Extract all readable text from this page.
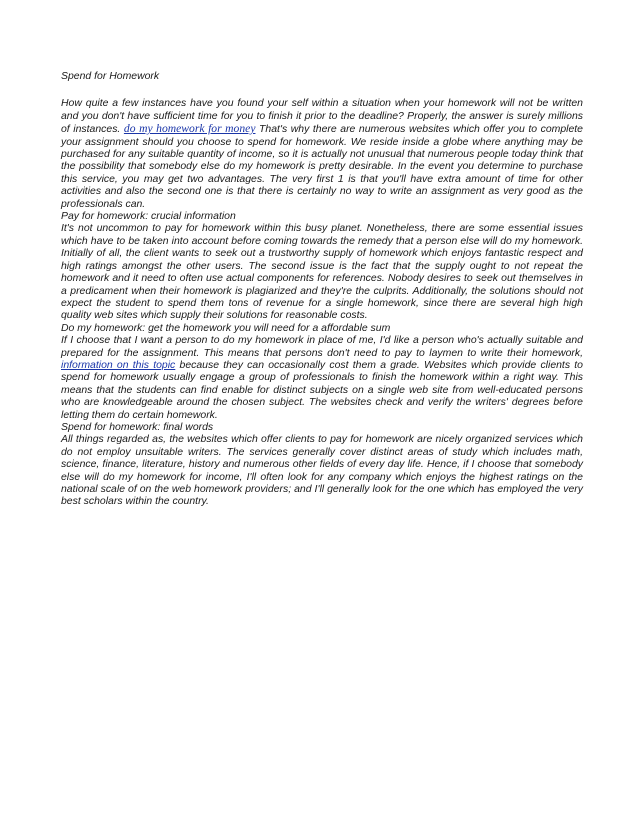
Spend for Homework

How quite a few instances have you found your self within a situation when your homework will not be written and you don't have sufficient time for you to finish it prior to the deadline? Properly, the answer is surely millions of instances. do my homework for money That's why there are numerous websites which offer you to complete your assignment should you choose to spend for homework. We reside inside a globe where anything may be purchased for any suitable quantity of income, so it is actually not unusual that numerous people today think that the possibility that somebody else do my homework is pretty desirable. In the event you determine to purchase this service, you may get two advantages. The very first 1 is that you'll have extra amount of time for other activities and also the second one is that there is certainly no way to write an assignment as very good as the professionals can.

Pay for homework: crucial information

It's not uncommon to pay for homework within this busy planet. Nonetheless, there are some essential issues which have to be taken into account before coming towards the remedy that a person else will do my homework. Initially of all, the client wants to seek out a trustworthy supply of homework which enjoys fantastic respect and high ratings amongst the other users. The second issue is the fact that the supply ought to not repeat the homework and it need to often use actual components for references. Nobody desires to seek out themselves in a predicament when their homework is plagiarized and they're the culprits. Additionally, the solutions should not expect the student to spend them tons of revenue for a single homework, since there are several high high quality web sites which supply their solutions for reasonable costs.

Do my homework: get the homework you will need for a affordable sum

If I choose that I want a person to do my homework in place of me, I'd like a person who's actually suitable and prepared for the assignment. This means that persons don't need to pay to laymen to write their homework, information on this topic because they can occasionally cost them a grade. Websites which provide clients to spend for homework usually engage a group of professionals to finish the homework within a right way. This means that the students can find enable for distinct subjects on a single web site from well-educated persons who are knowledgeable around the chosen subject. The websites check and verify the writers' degrees before letting them do certain homework.

Spend for homework: final words

All things regarded as, the websites which offer clients to pay for homework are nicely organized services which do not employ unsuitable writers. The services generally cover distinct areas of study which includes math, science, finance, literature, history and numerous other fields of every day life. Hence, if I choose that somebody else will do my homework for income, I'll often look for any company which enjoys the highest ratings on the national scale of on the web homework providers; and I'll generally look for the one which has employed the very best scholars within the country.
